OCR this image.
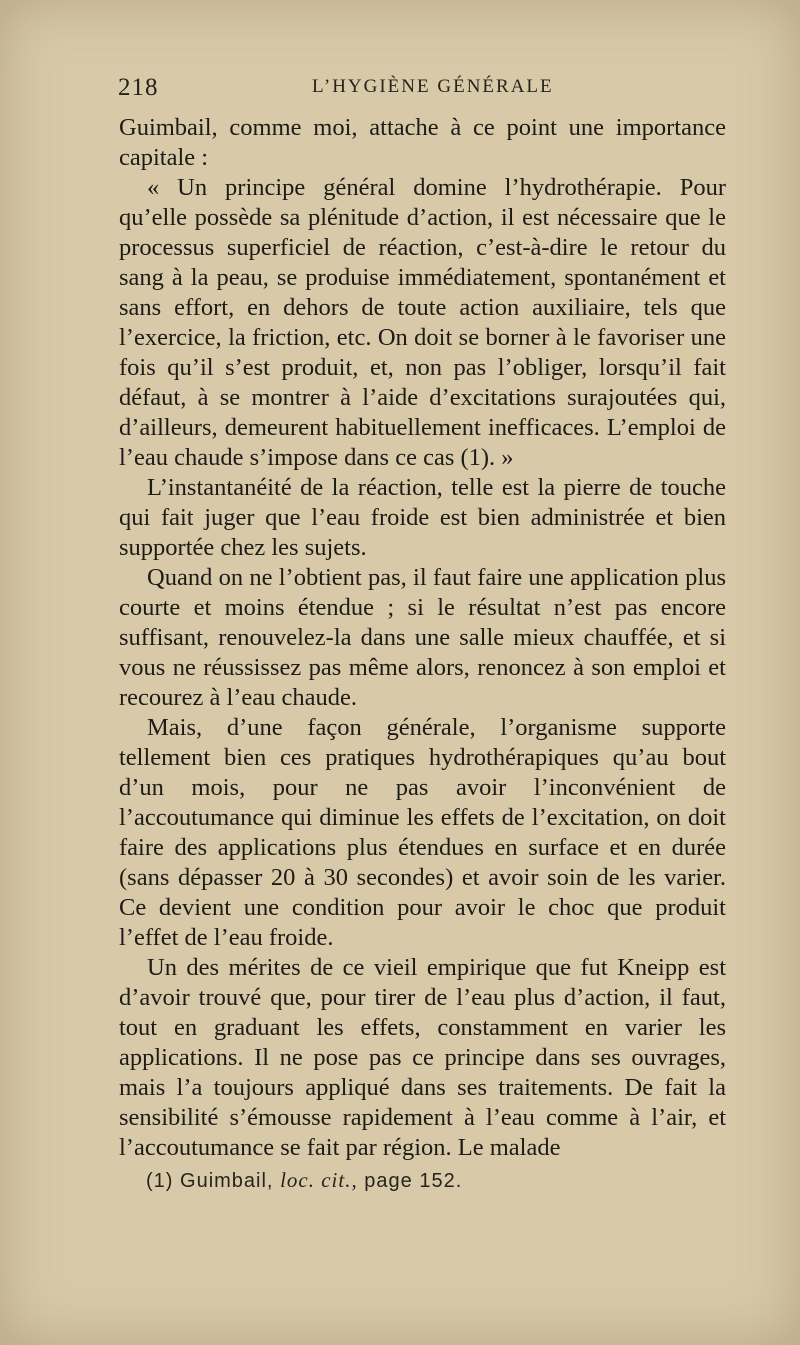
218	L’HYGIÈNE GÉNÉRALE

Guimbail, comme moi, attache à ce point une importance capitale :

« Un principe général domine l’hydrothérapie. Pour qu’elle possède sa plénitude d’action, il est nécessaire que le processus superficiel de réaction, c’est-à-dire le retour du sang à la peau, se produise immédiatement, spontanément et sans effort, en dehors de toute action auxiliaire, tels que l’exercice, la friction, etc. On doit se borner à le favoriser une fois qu’il s’est produit, et, non pas l’obliger, lorsqu’il fait défaut, à se montrer à l’aide d’excitations surajoutées qui, d’ailleurs, demeurent habituellement inefficaces. L’emploi de l’eau chaude s’impose dans ce cas (1). »

L’instantanéité de la réaction, telle est la pierre de touche qui fait juger que l’eau froide est bien administrée et bien supportée chez les sujets.

Quand on ne l’obtient pas, il faut faire une application plus courte et moins étendue ; si le résultat n’est pas encore suffisant, renouvelez-la dans une salle mieux chauffée, et si vous ne réussissez pas même alors, renoncez à son emploi et recourez à l’eau chaude.

Mais, d’une façon générale, l’organisme supporte tellement bien ces pratiques hydrothérapiques qu’au bout d’un mois, pour ne pas avoir l’inconvénient de l’accoutumance qui diminue les effets de l’excitation, on doit faire des applications plus étendues en surface et en durée (sans dépasser 20 à 30 secondes) et avoir soin de les varier. Ce devient une condition pour avoir le choc que produit l’effet de l’eau froide.

Un des mérites de ce vieil empirique que fut Kneipp est d’avoir trouvé que, pour tirer de l’eau plus d’action, il faut, tout en graduant les effets, constamment en varier les applications. Il ne pose pas ce principe dans ses ouvrages, mais l’a toujours appliqué dans ses traitements. De fait la sensibilité s’émousse rapidement à l’eau comme à l’air, et l’accoutumance se fait par région. Le malade

(1) Guimbail, loc. cit., page 152.
